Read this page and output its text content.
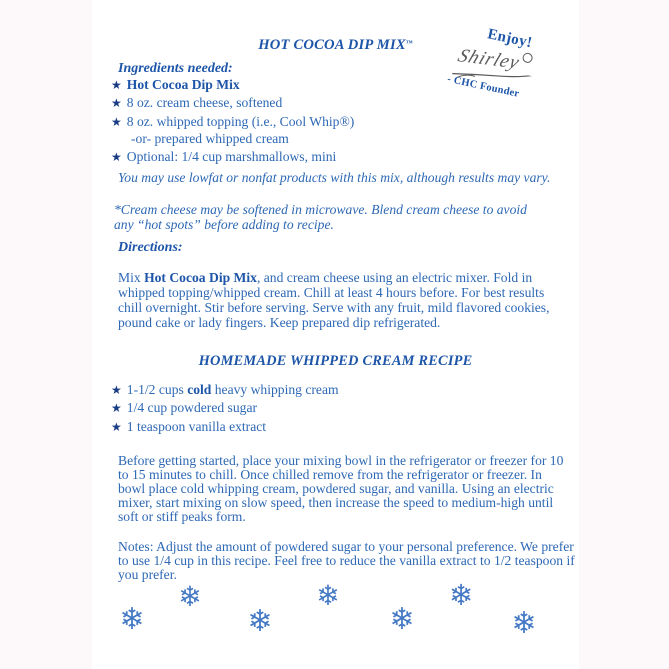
HOT COCOA DIP MIX™	Enjoy!
Shirley
- CHC Founder
Ingredients needed:
★ Hot Cocoa Dip Mix
★ 8 oz. cream cheese, softened
★ 8 oz. whipped topping (i.e., Cool Whip®)
-or- prepared whipped cream
★ Optional: 1/4 cup marshmallows, mini
You may use lowfat or nonfat products with this mix, although results may vary.
*Cream cheese may be softened in microwave. Blend cream cheese to avoid any “hot spots” before adding to recipe.
Directions:

Mix Hot Cocoa Dip Mix, and cream cheese using an electric mixer. Fold in whipped topping/whipped cream. Chill at least 4 hours before. For best results chill overnight. Stir before serving. Serve with any fruit, mild flavored cookies, pound cake or lady fingers. Keep prepared dip refrigerated.

HOMEMADE WHIPPED CREAM RECIPE
★ 1-1/2 cups cold heavy whipping cream
★ 1/4 cup powdered sugar
★ 1 teaspoon vanilla extract

Before getting started, place your mixing bowl in the refrigerator or freezer for 10 to 15 minutes to chill. Once chilled remove from the refrigerator or freezer. In bowl place cold whipping cream, powdered sugar, and vanilla. Using an electric mixer, start mixing on slow speed, then increase the speed to medium-high until soft or stiff peaks form.

Notes: Adjust the amount of powdered sugar to your personal preference. We prefer to use 1/4 cup in this recipe. Feel free to reduce the vanilla extract to 1/2 teaspoon if you prefer.

❄
❄
❄
❄
❄
❄
❄
